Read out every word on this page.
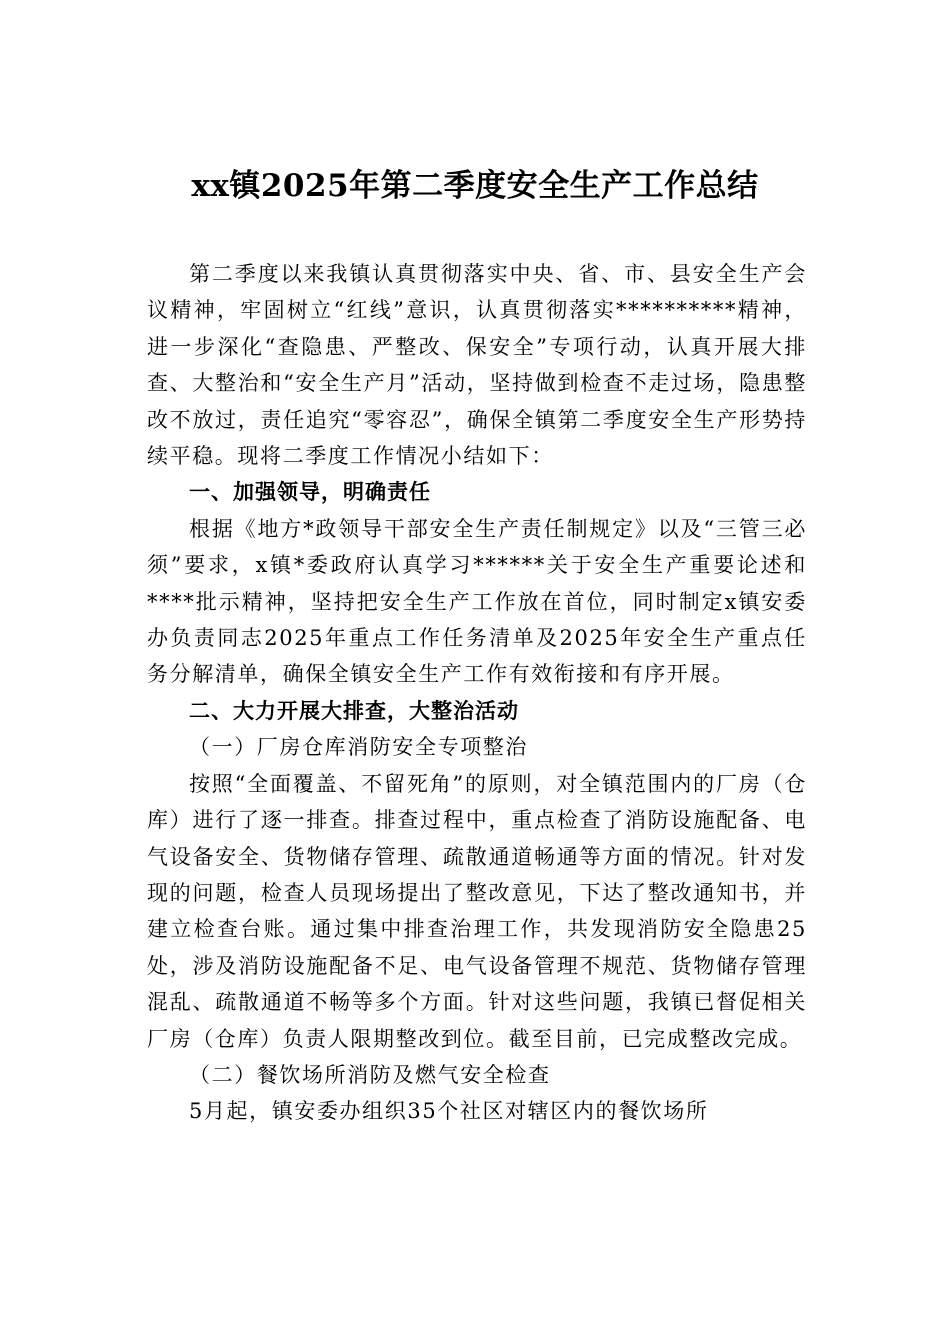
xx镇2025年第二季度安全生产工作总结

第二季度以来我镇认真贯彻落实中央、省、市、县安全生产会议精神，牢固树立“红线”意识，认真贯彻落实**********精神，进一步深化“查隐患、严整改、保安全”专项行动，认真开展大排查、大整治和“安全生产月”活动，坚持做到检查不走过场，隐患整改不放过，责任追究“零容忍”，确保全镇第二季度安全生产形势持续平稳。现将二季度工作情况小结如下：

一、加强领导，明确责任

根据《地方*政领导干部安全生产责任制规定》以及“三管三必须”要求，x镇*委政府认真学习******关于安全生产重要论述和****批示精神，坚持把安全生产工作放在首位，同时制定x镇安委办负责同志2025年重点工作任务清单及2025年安全生产重点任务分解清单，确保全镇安全生产工作有效衔接和有序开展。

二、大力开展大排查，大整治活动

（一）厂房仓库消防安全专项整治

按照“全面覆盖、不留死角”的原则，对全镇范围内的厂房（仓库）进行了逐一排查。排查过程中，重点检查了消防设施配备、电气设备安全、货物储存管理、疏散通道畅通等方面的情况。针对发现的问题，检查人员现场提出了整改意见，下达了整改通知书，并建立检查台账。通过集中排查治理工作，共发现消防安全隐患25处，涉及消防设施配备不足、电气设备管理不规范、货物储存管理混乱、疏散通道不畅等多个方面。针对这些问题，我镇已督促相关厂房（仓库）负责人限期整改到位。截至目前，已完成整改完成。

（二）餐饮场所消防及燃气安全检查

5月起，镇安委办组织35个社区对辖区内的餐饮场所
